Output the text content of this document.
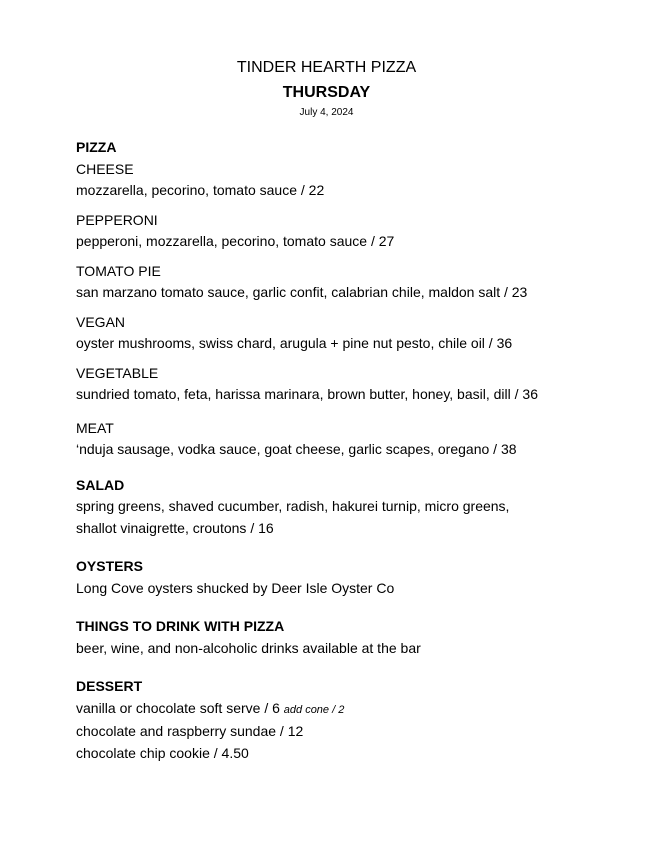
TINDER HEARTH PIZZA
THURSDAY
July 4, 2024
PIZZA
CHEESE
mozzarella, pecorino, tomato sauce / 22
PEPPERONI
pepperoni, mozzarella, pecorino, tomato sauce / 27
TOMATO PIE
san marzano tomato sauce, garlic confit, calabrian chile, maldon salt / 23
VEGAN
oyster mushrooms, swiss chard, arugula + pine nut pesto, chile oil / 36
VEGETABLE
sundried tomato, feta, harissa marinara, brown butter, honey, basil, dill / 36
MEAT
‘nduja sausage, vodka sauce, goat cheese, garlic scapes, oregano / 38
SALAD
spring greens, shaved cucumber, radish, hakurei turnip, micro greens,
shallot vinaigrette, croutons / 16
OYSTERS
Long Cove oysters shucked by Deer Isle Oyster Co
THINGS TO DRINK WITH PIZZA
beer, wine, and non-alcoholic drinks available at the bar
DESSERT
vanilla or chocolate soft serve / 6 add cone / 2
chocolate and raspberry sundae / 12
chocolate chip cookie / 4.50
